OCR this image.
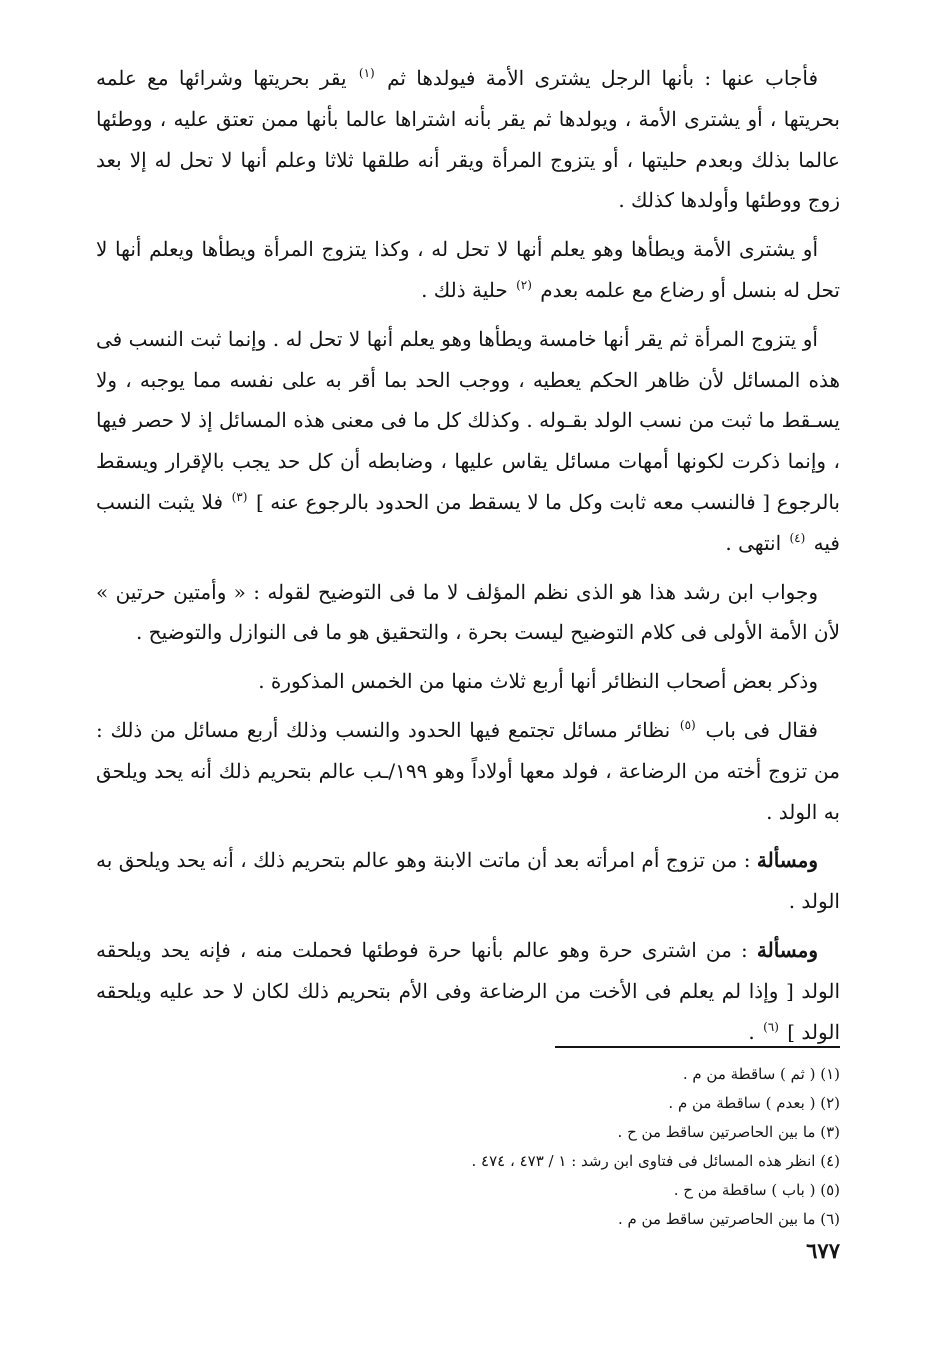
فأجاب عنها : بأنها الرجل يشترى الأمة فيولدها ثم $^{(١)}$ يقر بحريتها وشرائها مع علمه بحريتها ، أو يشترى الأمة ، ويولدها ثم يقر بأنه اشتراها عالما بأنها ممن تعتق عليه ، ووطئها عالما بذلك وبعدم حليتها ، أو يتزوج المرأة ويقر أنه طلقها ثلاثا وعلم أنها لا تحل له إلا بعد زوج ووطئها وأولدها كذلك .

أو يشترى الأمة ويطأها وهو يعلم أنها لا تحل له ، وكذا يتزوج المرأة ويطأها ويعلم أنها لا تحل له بنسل أو رضاع مع علمه بعدم $^{(٢)}$ حلية ذلك .

أو يتزوج المرأة ثم يقر أنها خامسة ويطأها وهو يعلم أنها لا تحل له . وإنما ثبت النسب فى هذه المسائل لأن ظاهر الحكم يعطيه ، ووجب الحد بما أقر به على نفسه مما يوجبه ، ولا يسـقط ما ثبت من نسب الولد بقـوله . وكذلك كل ما فى معنى هذه المسائل إذ لا حصر فيها ، وإنما ذكرت لكونها أمهات مسائل يقاس عليها ، وضابطه أن كل حد يجب بالإقرار ويسقط بالرجوع [ فالنسب معه ثابت وكل ما لا يسقط من الحدود بالرجوع عنه ] $^{(٣)}$ فلا يثبت النسب فيه $^{(٤)}$ انتهى .

وجواب ابن رشد هذا هو الذى نظم المؤلف لا ما فى التوضيح لقوله : « وأمتين حرتين » لأن الأمة الأولى فى كلام التوضيح ليست بحرة ، والتحقيق هو ما فى النوازل والتوضيح .

وذكر بعض أصحاب النظائر أنها أربع ثلاث منها من الخمس المذكورة .

فقال فى باب $^{(٥)}$ نظائر مسائل تجتمع فيها الحدود والنسب وذلك أربع مسائل من ذلك : من تزوج أخته من الرضاعة ، فولد معها أولاداً وهو ١٩٩/ـب عالم بتحريم ذلك أنه يحد ويلحق به الولد .

ومسألة : من تزوج أم امرأته بعد أن ماتت الابنة وهو عالم بتحريم ذلك ، أنه يحد ويلحق به الولد .

ومسألة : من اشترى حرة وهو عالم بأنها حرة فوطئها فحملت منه ، فإنه يحد ويلحقه الولد [ وإذا لم يعلم فى الأخت من الرضاعة وفى الأم بتحريم ذلك لكان لا حد عليه ويلحقه الولد ] $^{(٦)}$ .

(١) ( ثم ) ساقطة من م .
(٢) ( بعدم ) ساقطة من م .
(٣) ما بين الحاصرتين ساقط من ح .
(٤) انظر هذه المسائل فى فتاوى ابن رشد : ١ / ٤٧٣ ، ٤٧٤ .
(٥) ( باب ) ساقطة من ح .
(٦) ما بين الحاصرتين ساقط من م .
٦٧٧
